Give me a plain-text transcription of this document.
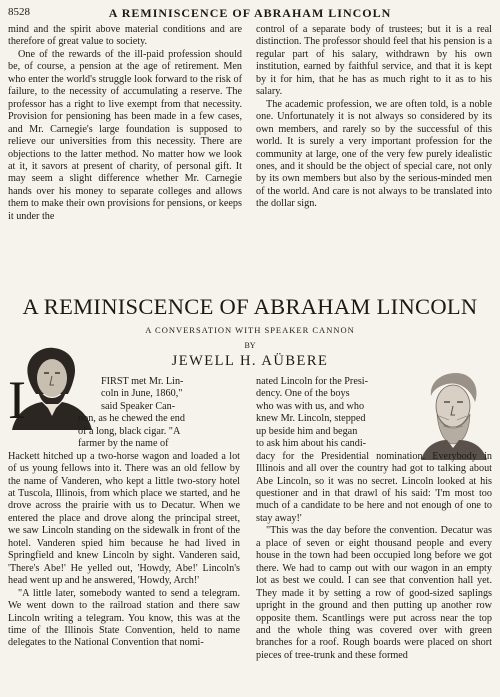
8528	A REMINISCENCE OF ABRAHAM LINCOLN

mind and the spirit above material conditions and are therefore of great value to society.

One of the rewards of the ill-paid profession should be, of course, a pension at the age of retirement. Men who enter the world's struggle look forward to the risk of failure, to the necessity of accumulating a reserve. The professor has a right to live exempt from that necessity. Provision for pensioning has been made in a few cases, and Mr. Carnegie's large foundation is supposed to relieve our universities from this necessity. There are objections to the latter method. No matter how we look at it, it savors at present of charity, of personal gift. It may seem a slight difference whether Mr. Carnegie hands over his money to separate colleges and allows them to make their own provisions for pensions, or keeps it under the

control of a separate body of trustees; but it is a real distinction. The professor should feel that his pension is a regular part of his salary, withdrawn by his own institution, earned by faithful service, and that it is kept by it for him, that he has as much right to it as to his salary.

The academic profession, we are often told, is a noble one. Unfortunately it is not always so considered by its own members, and rarely so by the successful of this world. It is surely a very important profession for the community at large, one of the very few purely idealistic ones, and it should be the object of special care, not only by its own members but also by the serious-minded men of the world. And care is not always to be translated into the dollar sign.

A REMINISCENCE OF ABRAHAM LINCOLN
A CONVERSATION WITH SPEAKER CANNON
BY
JEWELL H. AÜBERE
I	FIRST met Mr. Lin-
coln in June, 1860,"
said Speaker Can-
non, as he chewed the end
of a long, black cigar. "A
farmer by the name of

Hackett hitched up a two-horse wagon and loaded a lot of us young fellows into it. There was an old fellow by the name of Vanderen, who kept a little two-story hotel at Tuscola, Illinois, from which place we started, and he drove across the prairie with us to Decatur. When we entered the place and drove along the principal street, we saw Lincoln standing on the sidewalk in front of the hotel. Vanderen spied him because he had lived in Springfield and knew Lincoln by sight. Vanderen said, 'There's Abe!' He yelled out, 'Howdy, Abe!' Lincoln's head went up and he answered, 'Howdy, Arch!'

"A little later, somebody wanted to send a telegram. We went down to the railroad station and there saw Lincoln writing a telegram. You know, this was at the time of the Illinois State Convention, held to name delegates to the National Convention that nomi-

nated Lincoln for the Presi-
dency. One of the boys
who was with us, and who
knew Mr. Lincoln, stepped
up beside him and began
to ask him about his candi-

dacy for the Presidential nomination. Everybody in Illinois and all over the country had got to talking about Abe Lincoln, so it was no secret. Lincoln looked at his questioner and in that drawl of his said: 'I'm most too much of a candidate to be here and not enough of one to stay away!'

"This was the day before the convention. Decatur was a place of seven or eight thousand people and every house in the town had been occupied long before we got there. We had to camp out with our wagon in an empty lot as best we could. I can see that convention hall yet. They made it by setting a row of good-sized saplings upright in the ground and then putting up another row opposite them. Scantlings were put across near the top and the whole thing was covered over with green branches for a roof. Rough boards were placed on short pieces of tree-trunk and these formed
